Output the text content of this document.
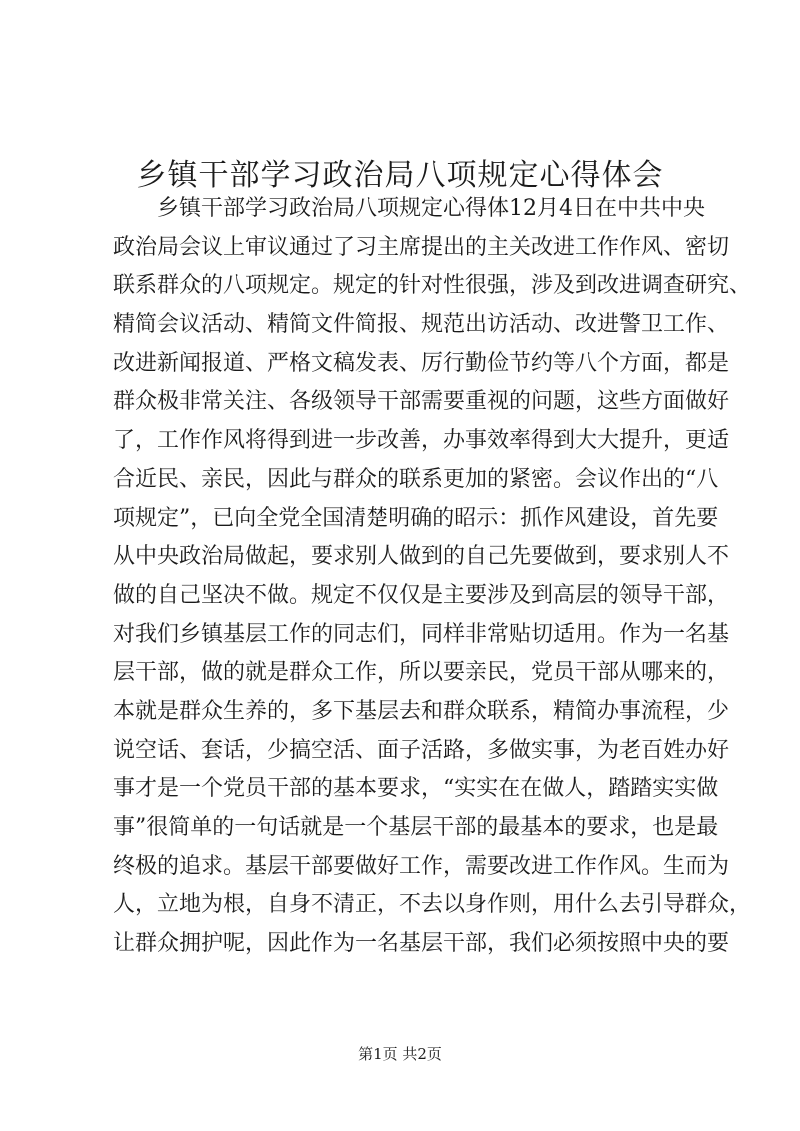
乡镇干部学习政治局八项规定心得体会
乡镇干部学习政治局八项规定心得体12月4日在中共中央
政治局会议上审议通过了习主席提出的主关改进工作作风、密切
联系群众的八项规定。规定的针对性很强，涉及到改进调查研究、
精简会议活动、精简文件简报、规范出访活动、改进警卫工作、
改进新闻报道、严格文稿发表、厉行勤俭节约等八个方面，都是
群众极非常关注、各级领导干部需要重视的问题，这些方面做好
了，工作作风将得到进一步改善，办事效率得到大大提升，更适
合近民、亲民，因此与群众的联系更加的紧密。会议作出的“八
项规定”，已向全党全国清楚明确的昭示：抓作风建设，首先要
从中央政治局做起，要求别人做到的自己先要做到，要求别人不
做的自己坚决不做。规定不仅仅是主要涉及到高层的领导干部，
对我们乡镇基层工作的同志们，同样非常贴切适用。作为一名基
层干部，做的就是群众工作，所以要亲民，党员干部从哪来的，
本就是群众生养的，多下基层去和群众联系，精简办事流程，少
说空话、套话，少搞空活、面子活路，多做实事，为老百姓办好
事才是一个党员干部的基本要求，“实实在在做人，踏踏实实做
事”很简单的一句话就是一个基层干部的最基本的要求，也是最
终极的追求。基层干部要做好工作，需要改进工作作风。生而为
人，立地为根，自身不清正，不去以身作则，用什么去引导群众，
让群众拥护呢，因此作为一名基层干部，我们必须按照中央的要
第1页 共2页
